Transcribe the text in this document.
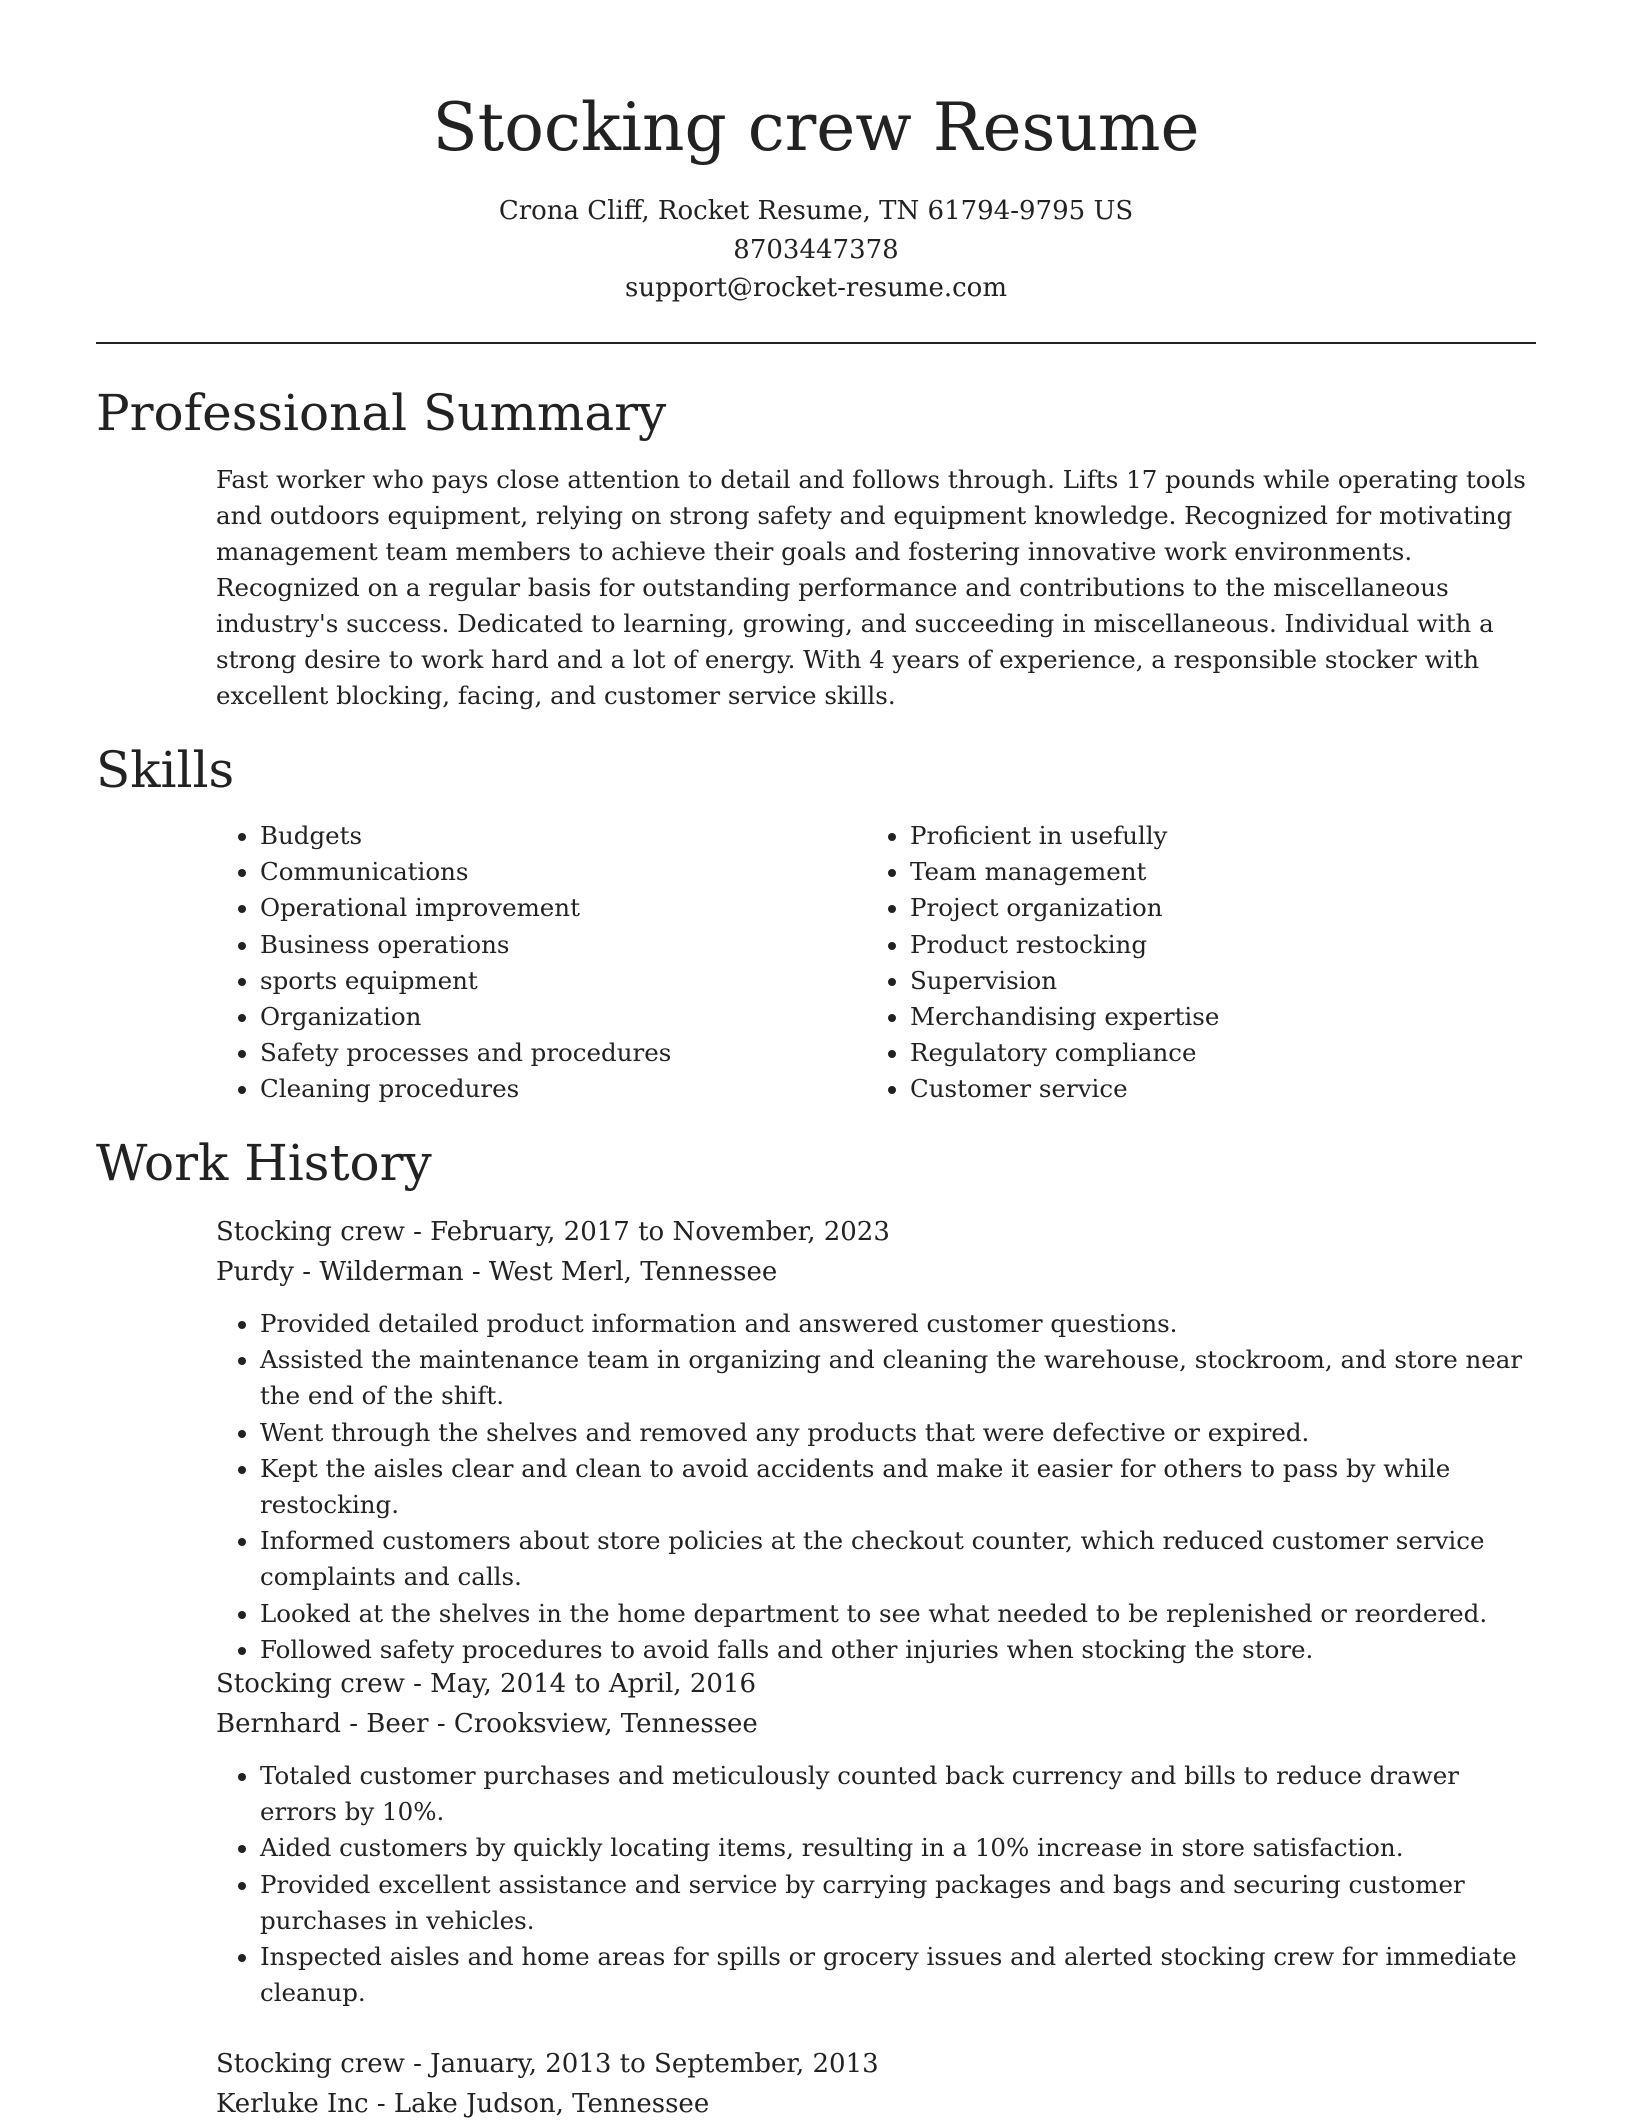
Stocking crew Resume
Crona Cliff, Rocket Resume, TN 61794-9795 US
8703447378
support@rocket-resume.com
Professional Summary

Fast worker who pays close attention to detail and follows through. Lifts 17 pounds while operating tools and outdoors equipment, relying on strong safety and equipment knowledge. Recognized for motivating management team members to achieve their goals and fostering innovative work environments. Recognized on a regular basis for outstanding performance and contributions to the miscellaneous industry's success. Dedicated to learning, growing, and succeeding in miscellaneous. Individual with a strong desire to work hard and a lot of energy. With 4 years of experience, a responsible stocker with excellent blocking, facing, and customer service skills.

Skills
• Budgets
• Communications
• Operational improvement
• Business operations
• sports equipment
• Organization
• Safety processes and procedures
• Cleaning procedures
• Proficient in usefully
• Team management
• Project organization
• Product restocking
• Supervision
• Merchandising expertise
• Regulatory compliance
• Customer service
Work History
Stocking crew - February, 2017 to November, 2023
Purdy - Wilderman - West Merl, Tennessee
• Provided detailed product information and answered customer questions.
• Assisted the maintenance team in organizing and cleaning the warehouse, stockroom, and store near the end of the shift.
• Went through the shelves and removed any products that were defective or expired.
• Kept the aisles clear and clean to avoid accidents and make it easier for others to pass by while restocking.
• Informed customers about store policies at the checkout counter, which reduced customer service complaints and calls.
• Looked at the shelves in the home department to see what needed to be replenished or reordered.
• Followed safety procedures to avoid falls and other injuries when stocking the store.
Stocking crew - May, 2014 to April, 2016
Bernhard - Beer - Crooksview, Tennessee
• Totaled customer purchases and meticulously counted back currency and bills to reduce drawer errors by 10%.
• Aided customers by quickly locating items, resulting in a 10% increase in store satisfaction.
• Provided excellent assistance and service by carrying packages and bags and securing customer purchases in vehicles.
• Inspected aisles and home areas for spills or grocery issues and alerted stocking crew for immediate cleanup.
Stocking crew - January, 2013 to September, 2013
Kerluke Inc - Lake Judson, Tennessee
